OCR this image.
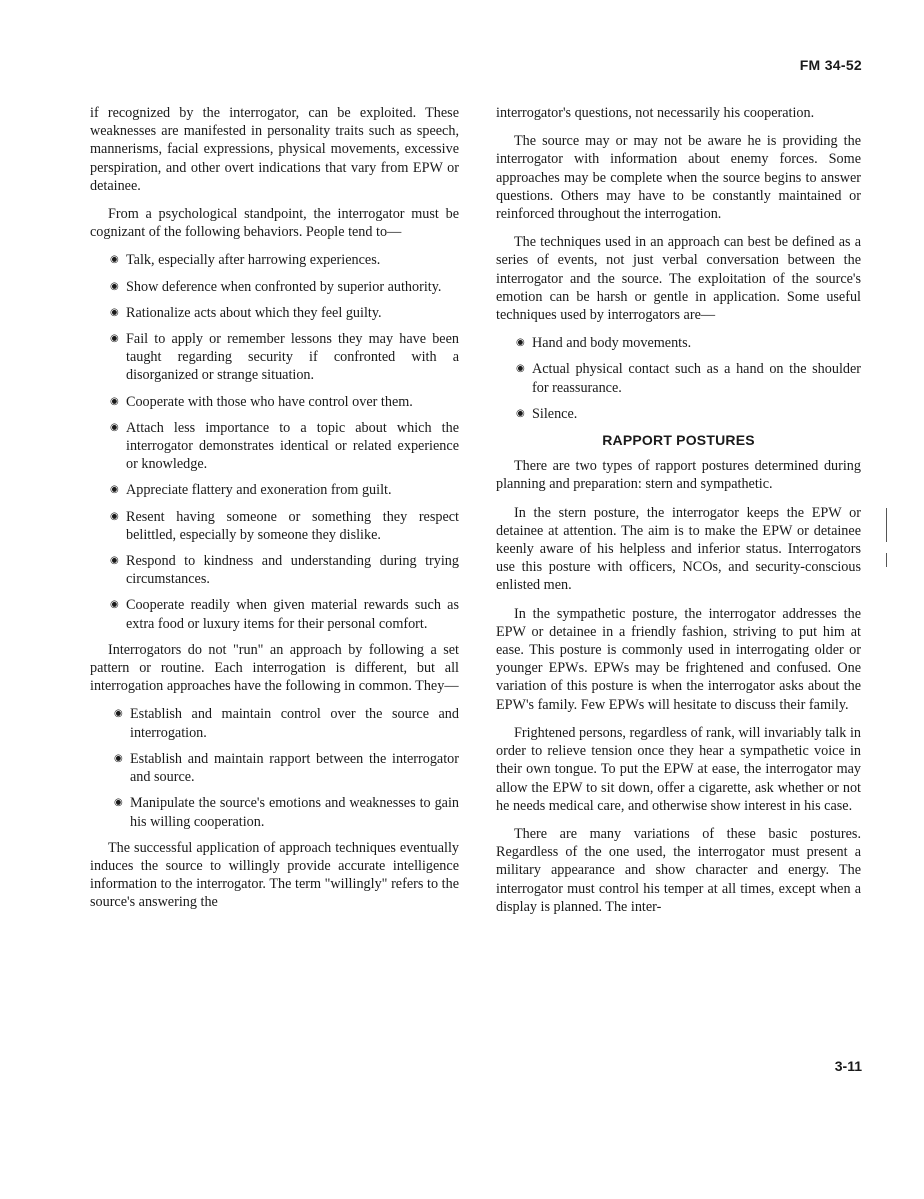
FM 34-52

if recognized by the interrogator, can be exploited. These weaknesses are manifested in personality traits such as speech, mannerisms, facial expressions, physical movements, excessive perspiration, and other overt indications that vary from EPW or detainee.

From a psychological standpoint, the interrogator must be cognizant of the following behaviors. People tend to—

◉ Talk, especially after harrowing experiences.
◉ Show deference when confronted by superior authority.
◉ Rationalize acts about which they feel guilty.
◉ Fail to apply or remember lessons they may have been taught regarding security if confronted with a disorganized or strange situation.
◉ Cooperate with those who have control over them.
◉ Attach less importance to a topic about which the interrogator demonstrates identical or related experience or knowledge.
◉ Appreciate flattery and exoneration from guilt.
◉ Resent having someone or something they respect belittled, especially by someone they dislike.
◉ Respond to kindness and understanding during trying circumstances.
◉ Cooperate readily when given material rewards such as extra food or luxury items for their personal comfort.

Interrogators do not "run" an approach by following a set pattern or routine. Each interrogation is different, but all interrogation approaches have the following in common. They—

◉ Establish and maintain control over the source and interrogation.
◉ Establish and maintain rapport between the interrogator and source.
◉ Manipulate the source's emotions and weaknesses to gain his willing cooperation.

The successful application of approach techniques eventually induces the source to willingly provide accurate intelligence information to the interrogator. The term "willingly" refers to the source's answering the

interrogator's questions, not necessarily his cooperation.

The source may or may not be aware he is providing the interrogator with information about enemy forces. Some approaches may be complete when the source begins to answer questions. Others may have to be constantly maintained or reinforced throughout the interrogation.

The techniques used in an approach can best be defined as a series of events, not just verbal conversation between the interrogator and the source. The exploitation of the source's emotion can be harsh or gentle in application. Some useful techniques used by interrogators are—

◉ Hand and body movements.
◉ Actual physical contact such as a hand on the shoulder for reassurance.
◉ Silence.
RAPPORT POSTURES

There are two types of rapport postures determined during planning and preparation: stern and sympathetic.

In the stern posture, the interrogator keeps the EPW or detainee at attention. The aim is to make the EPW or detainee keenly aware of his helpless and inferior status. Interrogators use this posture with officers, NCOs, and security-conscious enlisted men.

In the sympathetic posture, the interrogator addresses the EPW or detainee in a friendly fashion, striving to put him at ease. This posture is commonly used in interrogating older or younger EPWs. EPWs may be frightened and confused. One variation of this posture is when the interrogator asks about the EPW's family. Few EPWs will hesitate to discuss their family.

Frightened persons, regardless of rank, will invariably talk in order to relieve tension once they hear a sympathetic voice in their own tongue. To put the EPW at ease, the interrogator may allow the EPW to sit down, offer a cigarette, ask whether or not he needs medical care, and otherwise show interest in his case.

There are many variations of these basic postures. Regardless of the one used, the interrogator must present a military appearance and show character and energy. The interrogator must control his temper at all times, except when a display is planned. The inter-

3-11
